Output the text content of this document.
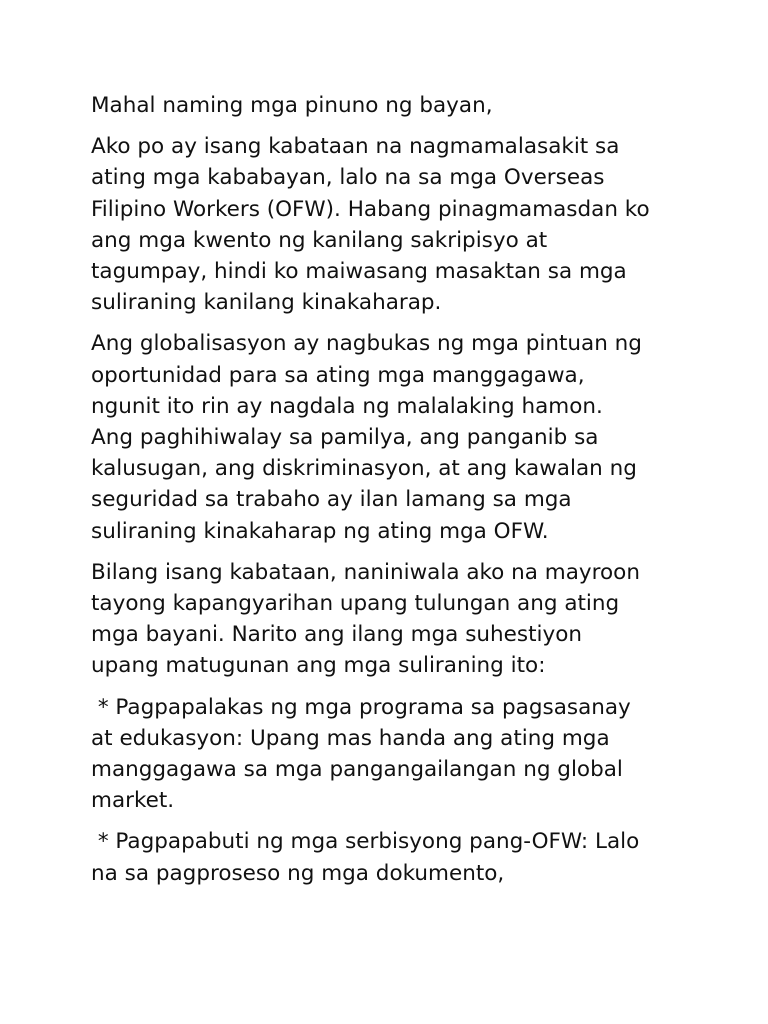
Mahal naming mga pinuno ng bayan,

Ako po ay isang kabataan na nagmamalasakit sa
ating mga kababayan, lalo na sa mga Overseas
Filipino Workers (OFW). Habang pinagmamasdan ko
ang mga kwento ng kanilang sakripisyo at
tagumpay, hindi ko maiwasang masaktan sa mga
suliraning kanilang kinakaharap.

Ang globalisasyon ay nagbukas ng mga pintuan ng
oportunidad para sa ating mga manggagawa,
ngunit ito rin ay nagdala ng malalaking hamon.
Ang paghihiwalay sa pamilya, ang panganib sa
kalusugan, ang diskriminasyon, at ang kawalan ng
seguridad sa trabaho ay ilan lamang sa mga
suliraning kinakaharap ng ating mga OFW.

Bilang isang kabataan, naniniwala ako na mayroon
tayong kapangyarihan upang tulungan ang ating
mga bayani. Narito ang ilang mga suhestiyon
upang matugunan ang mga suliraning ito:

* Pagpapalakas ng mga programa sa pagsasanay
at edukasyon: Upang mas handa ang ating mga
manggagawa sa mga pangangailangan ng global
market.

* Pagpapabuti ng mga serbisyong pang-OFW: Lalo
na sa pagproseso ng mga dokumento,
